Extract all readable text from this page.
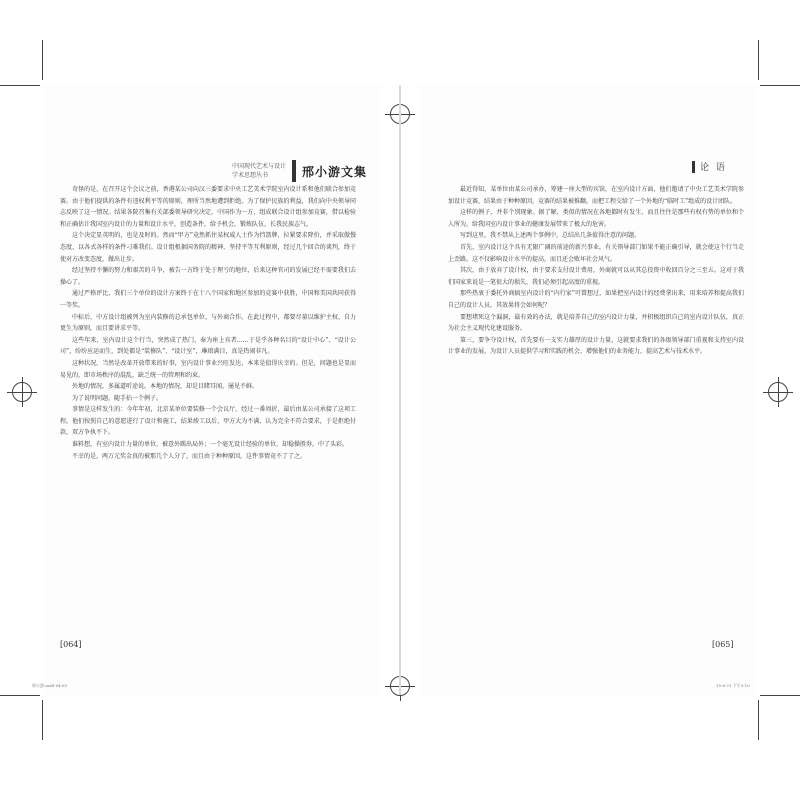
中国现代艺术与设计
学术思想丛书	邢小游文集	论 语

奇怪的是，在召开这个会议之前，香港某公司向汉三委要求中央工艺美术学院室内设计系和他们联合参加竞赛。由于他们提供的条件有违权利平等的原则，理所当然地遭到拒绝。为了保护民族的利益，我们向中央领导同志反映了这一情况。结果各院召集有关部委领导研究决定，中国作为一方，组成联合设计组参加竞赛，借以检验和正确估计我国室内设计的力量和设计水平，创造条件，给予机会，锻炼队伍，长我民族志气。

这个决定显英明的，也是及时的。然而“甲方”竟然抓住某权威人士作为挡箭牌，拉紧要求降价，并采取傲慢态度，以各式各样的条件刁难我们。设计组根据国务院的精神，坚持平等互利原则，经过几个回合的谈判，终于使对方改变态度，做出让步。

经过坚持不懈的努力和艰苦的斗争，被告一方终于处于理亏的地位，后来这种官司的发展已经不需要我们去操心了。

通过严格评比，我们三个单位的设计方案终于在十八个国家和地区参加的竞赛中获胜，中国和美国共同获得一等奖。

中标后，中方设计组被列为室内装修的总承包单位，与外商合作。在此过程中，都要尽量以维护主权、自力更生为原则，而且要讲求平等。

这些年来，室内设计这个行当，突然成了热门，奉为座上宾者……于是乎各种名目的“设计中心”、“设计公司”，纷纷应运而生，到处都是“装修队”、“设计室”，琳琅满目，真是热闹非凡。

这种状况，当然是改革开放带来的好事，室内设计事业兴旺发达，本来是值得庆幸的。但是，问题也是显而易见的，即市场秩序的混乱，缺乏统一的管理和约束。

外地的情况，多属道听途说。本地的情况，却是目睹耳闻，屡见不鲜。

为了说明问题，随手拈一个例子。

事情是这样发生的：今年年初，北京某单位要装修一个会议厅，经过一番周折，最后由某公司承接了这项工程。他们按照自己的意愿进行了设计和施工，结果竣工以后，甲方大为不满，认为完全不符合要求，于是拒绝付款，双方争执不下。

谁料想，有室内设计力量的单位，被意外踢出局外；一个毫无设计经验的单位，却稳操胜券，中了头彩。

不幸的是，两万元奖金真的被那几个人分了，而且由于种种原因，这件事情竟不了了之。

最近得知，某单位由某公司承办，筹建一座大型的宾馆，在室内设计方面，他们邀请了中央工艺美术学院参加设计竞赛，结果由于种种原因，竞赛的结果被推翻，而把工程交给了一个外地的“临时工”组成的设计团队。

这样的例子，并非个别现象。据了解，类似的情况在各地都时有发生，而且往往是那些有权有势的单位和个人所为，给我国室内设计事业的健康发展带来了极大的危害。

写到这里，我不禁从上述两个事例中，总结出几条值得注意的问题。

首先，室内设计这个具有无限广阔的前途的新兴事业，有关领导部门如果不能正确引导，就会使这个行当走上歪路。这不仅影响设计水平的提高，而且还会败坏社会风气。

其次，由于放弃了设计权，由于要求支付设计费用，外商就可以从其总投资中收回百分之三至五。这对于我们国家来说是一笔很大的损失，我们必须引起高度的重视。

那些热衷于委托外商搞室内设计的“内行家”可曾想过，如果把室内设计的经费拿出来，用来培养和提高我们自己的设计人员，其效果将会如何呢？

要想堵死这个漏洞，最有效的办法，就是培养自己的室内设计力量，并积极组织自己的室内设计队伍，真正为社会主义现代化建设服务。

第三，要争夺设计权，首先要有一支实力雄厚的设计力量，这就要求我们的各级领导部门重视和支持室内设计事业的发展，为设计人员提供学习和实践的机会，增强他们的业务能力，提高艺术与技术水平。

[064]	[065]
邢小游.indd 64-65	15-6-21 下午3:10
